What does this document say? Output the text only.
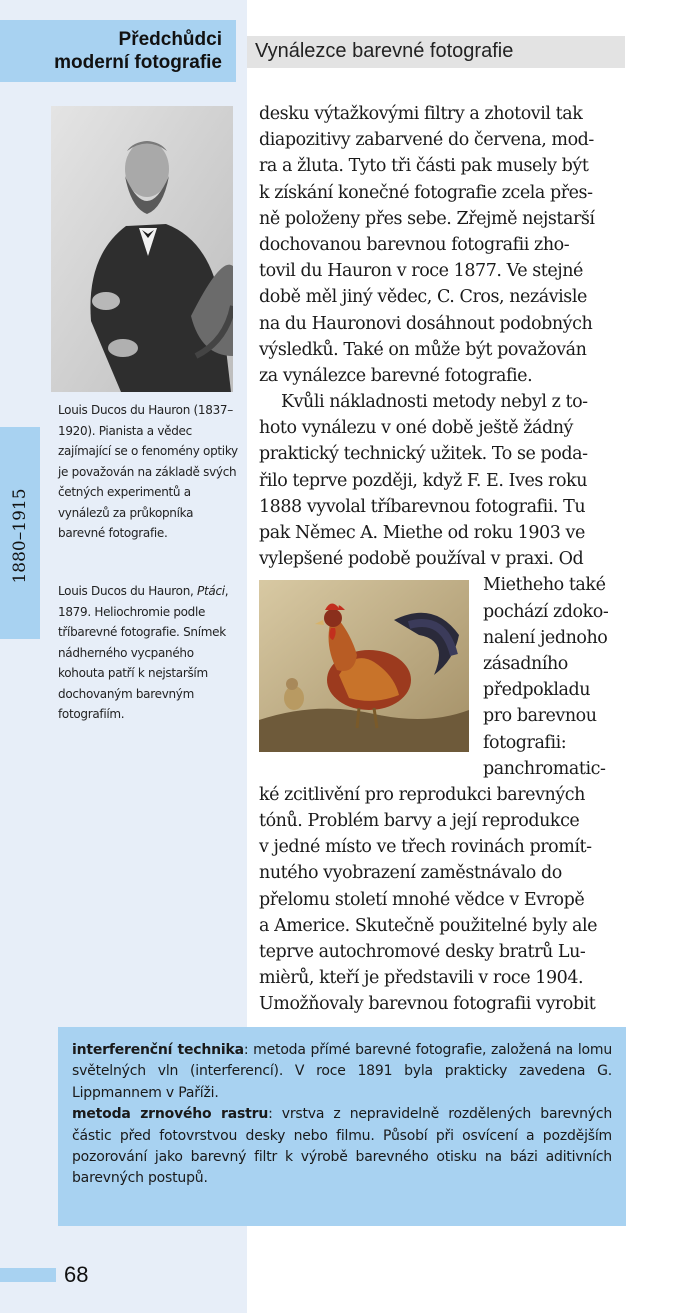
Předchůdci
moderní fotografie
Vynálezce barevné fotografie
Louis Ducos du Hauron (1837–1920). Pianista a vědec zajímající se o fenomény optiky je považován na základě svých četných experimentů a vynálezů za průkopníka barevné fotografie.
1880–1915
Louis Ducos du Hauron, Ptáci, 1879. Heliochromie podle tříbarevné fotografie. Snímek nádherného vycpaného kohouta patří k nejstarším dochovaným barevným fotografiím.
desku výtažkovými filtry a zhotovil tak
diapozitivy zabarvené do červena, mod-
ra a žluta. Tyto tři části pak musely být
k získání konečné fotografie zcela přes-
ně položeny přes sebe. Zřejmě nejstarší
dochovanou barevnou fotografii zho-
tovil du Hauron v roce 1877. Ve stejné
době měl jiný vědec, C. Cros, nezávisle
na du Hauronovi dosáhnout podobných
výsledků. Také on může být považován
za vynálezce barevné fotografie.
Kvůli nákladnosti metody nebyl z to-
hoto vynálezu v oné době ještě žádný
praktický technický užitek. To se poda-
řilo teprve později, když F. E. Ives roku
1888 vyvolal tříbarevnou fotografii. Tu
pak Němec A. Miethe od roku 1903 ve
vylepšené podobě používal v praxi. Od
Mietheho také
pochází zdoko-
nalení jednoho
zásadního
předpokladu
pro barevnou
fotografii:
panchromatic-
ké zcitlivění pro reprodukci barevných
tónů. Problém barvy a její reprodukce
v jedné místo ve třech rovinách promít-
nutého vyobrazení zaměstnávalo do
přelomu století mnohé vědce v Evropě
a Americe. Skutečně použitelné byly ale
teprve autochromové desky bratrů Lu-
mièrů, kteří je představili v roce 1904.
Umožňovaly barevnou fotografii vyrobit

interferenční technika: metoda přímé barevné fotografie, založená na lomu světelných vln (interferencí). V roce 1891 byla prakticky zavedena G. Lippmannem v Paříži.

metoda zrnového rastru: vrstva z nepravidelně rozdělených barevných částic před fotovrstvou desky nebo filmu. Působí při osvícení a pozdějším pozorování jako barevný filtr k výrobě barevného otisku na bázi aditivních barevných postupů.

68
